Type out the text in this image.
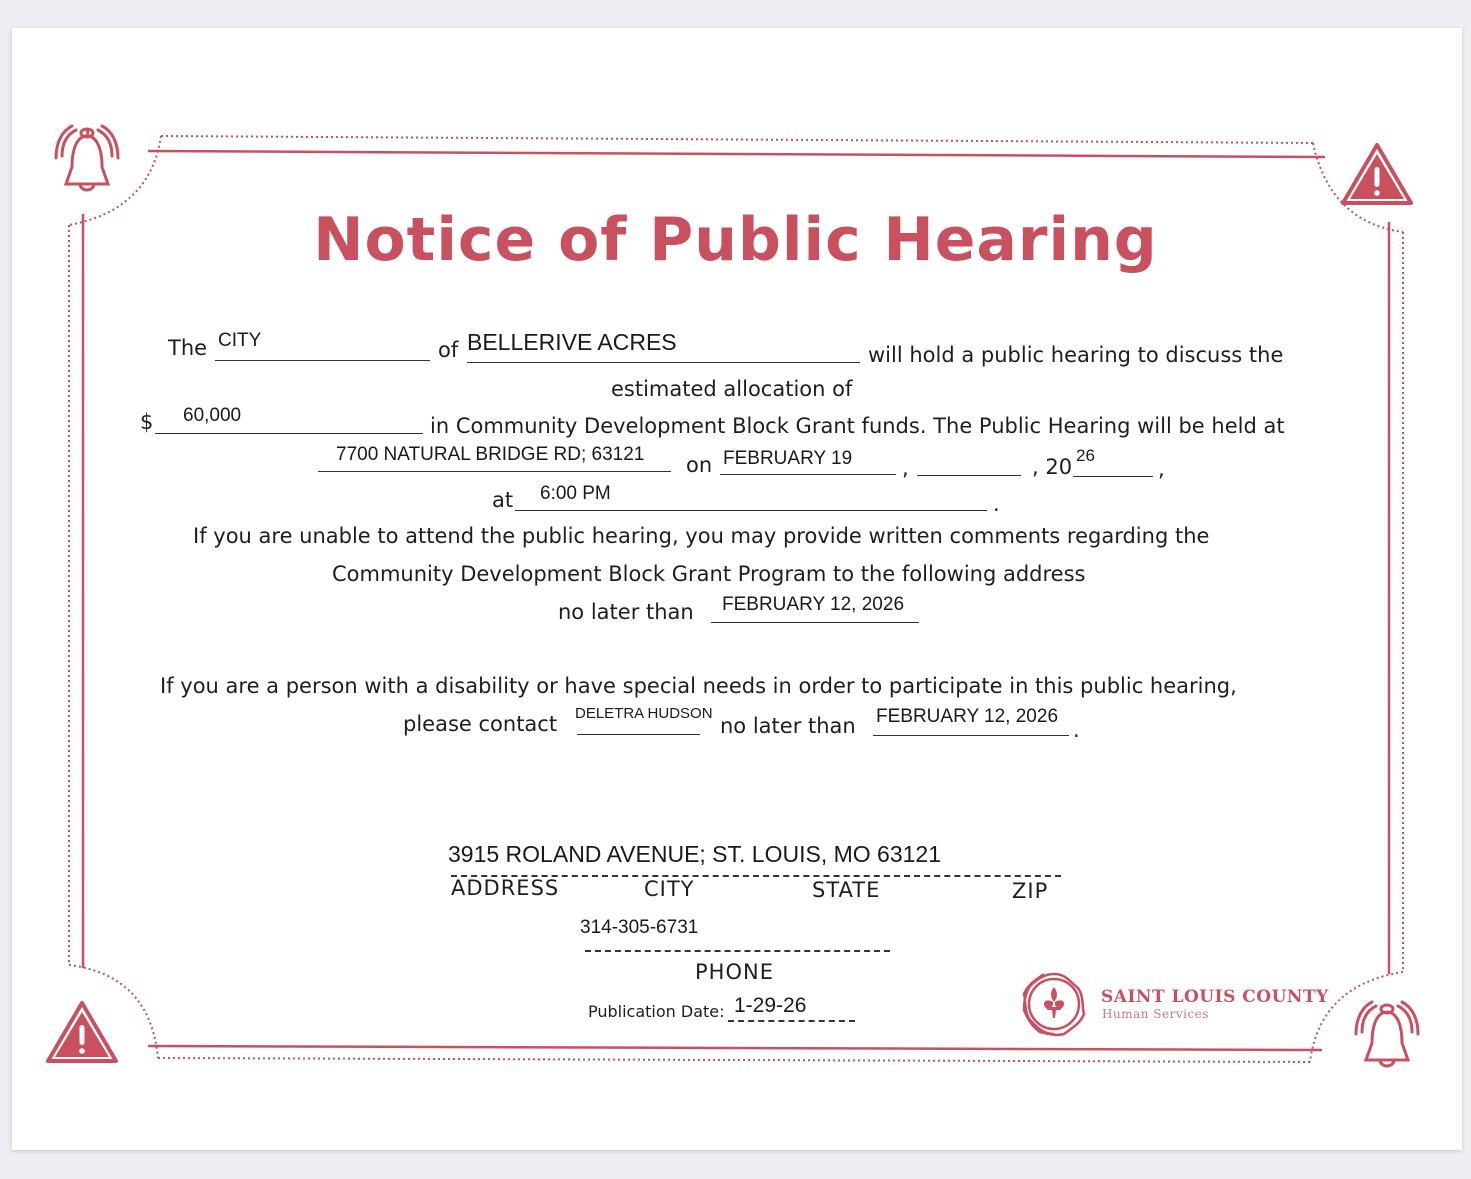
Notice of Public Hearing
The CITY	of BELLERIVE ACRES	will hold a public hearing to discuss the
estimated allocation of
$ 60,000	in Community Development Block Grant funds. The Public Hearing will be held at
7700 NATURAL BRIDGE RD; 63121 on FEBRUARY 19 ,	, 20 26
,
at 6:00 PM	.
If you are unable to attend the public hearing, you may provide written comments regarding the
Community Development Block Grant Program to the following address
no later than FEBRUARY 12, 2026
If you are a person with a disability or have special needs in order to participate in this public hearing,
please contact DELETRA HUDSON
no later than FEBRUARY 12, 2026
.
3915 ROLAND AVENUE; ST. LOUIS, MO 63121
ADDRESS	CITY	STATE	ZIP
314-305-6731
PHONE
Publication Date: 1-29-26	SAINT LOUIS COUNTY
Human Services
